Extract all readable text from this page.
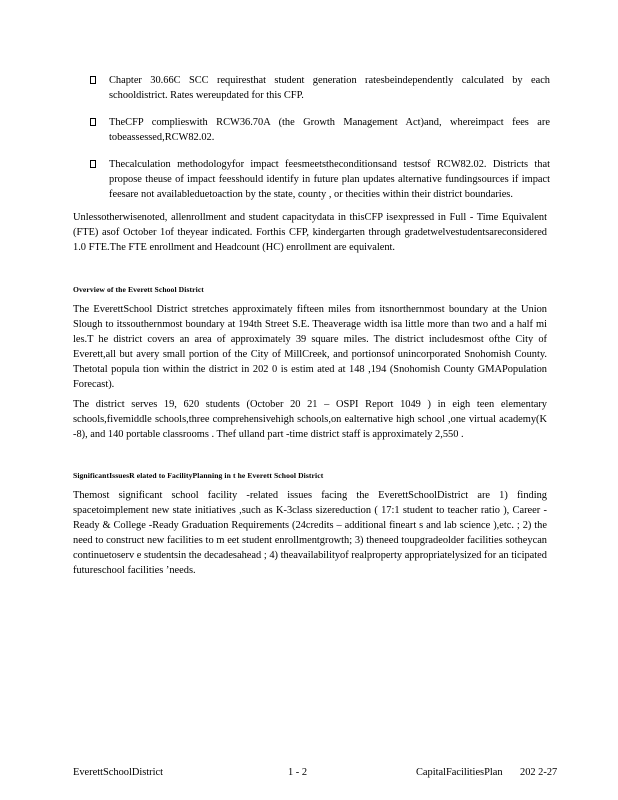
Chapter 30.66C SCC requiresthat student generation ratesbeindependently calculated by each schooldistrict. Rates wereupdated for this CFP.
TheCFP complieswith RCW36.70A (the Growth Management Act)and, whereimpact fees are tobeassessed,RCW82.02.
Thecalculation methodologyfor impact feesmeetstheconditionsand testsof RCW82.02. Districts that propose theuse of impact feesshould identify in future plan updates alternative fundingsources if impact feesare not availableduetoaction by the state, county , or thecities within their district boundaries.

Unlessotherwisenoted, allenrollment and student capacitydata in thisCFP isexpressed in Full - Time Equivalent (FTE) asof October 1of theyear indicated. Forthis CFP, kindergarten through gradetwelvestudentsareconsidered 1.0 FTE.The FTE enrollment and Headcount (HC) enrollment are equivalent.

Overview of the Everett School District

The EverettSchool District stretches approximately fifteen miles from itsnorthernmost boundary at the Union Slough to itssouthernmost boundary at 194th Street S.E. Theaverage width isa little more than two and a half mi les.T he district covers an area of approximately 39 square miles. The district includesmost ofthe City of Everett,all but avery small portion of the City of MillCreek, and portionsof unincorporated Snohomish County. Thetotal popula tion within the district in 202 0 is estim ated at 148 ,194 (Snohomish County GMAPopulation Forecast).

The district serves 19, 620 students (October 20 21 – OSPI Report 1049 ) in eigh teen elementary schools,fivemiddle schools,three comprehensivehigh schools,on ealternative high school ,one virtual academy(K -8), and 140 portable classrooms . Thef ulland part -time district staff is approximately 2,550 .

SignificantIssuesR elated to FacilityPlanning in t he Everett School District

Themost significant school facility -related issues facing the EverettSchoolDistrict are 1) finding spacetoimplement new state initiatives ,such as K-3class sizereduction ( 17:1 student to teacher ratio ), Career -Ready & College -Ready Graduation Requirements (24credits – additional fineart s and lab science ),etc. ; 2) the need to construct new facilities to m eet student enrollmentgrowth; 3) theneed toupgradeolder facilities sotheycan continuetoserv e studentsin the decadesahead ; 4) theavailabilityof realproperty appropriatelysized for an ticipated futureschool facilities ’needs.

EverettSchoolDistrict	1 - 2	CapitalFacilitiesPlan 202 2-27
